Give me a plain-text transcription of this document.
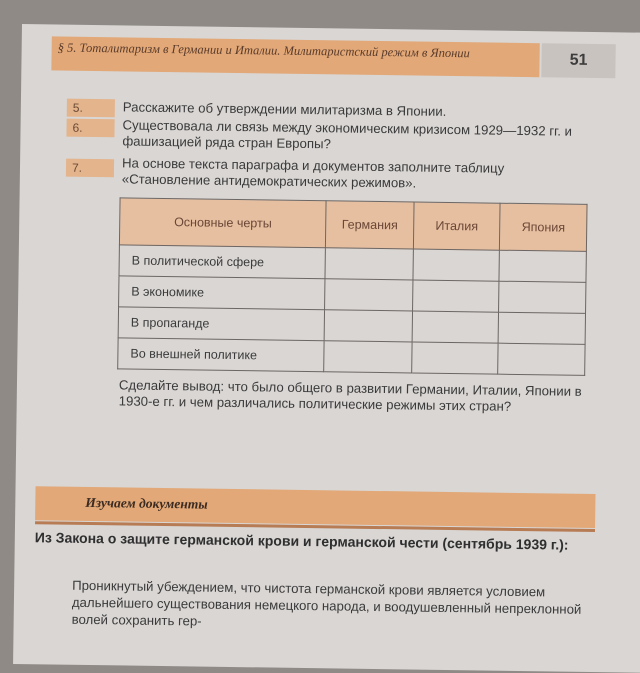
§ 5. Тоталитаризм в Германии и Италии. Милитаристский режим в Японии
51
5.	Расскажите об утверждении милитаризма в Японии.
6.	Существовала ли связь между экономическим кризисом 1929—1932 гг. и фашизацией ряда стран Европы?
7.	На основе текста параграфа и документов заполните таблицу «Становление антидемократических режимов».
Основные черты	Германия	Италия	Япония
В политической сфере			
В экономике			
В пропаганде			
Во внешней политике			
Сделайте вывод: что было общего в развитии Германии, Италии, Японии в 1930-е гг. и чем различались политические режимы этих стран?
Изучаем документы
Из Закона о защите германской крови и германской чести (сентябрь 1939 г.):
Проникнутый убеждением, что чистота германской крови является условием дальнейшего существования немецкого народа, и воодушевленный непреклонной волей сохранить гер-
